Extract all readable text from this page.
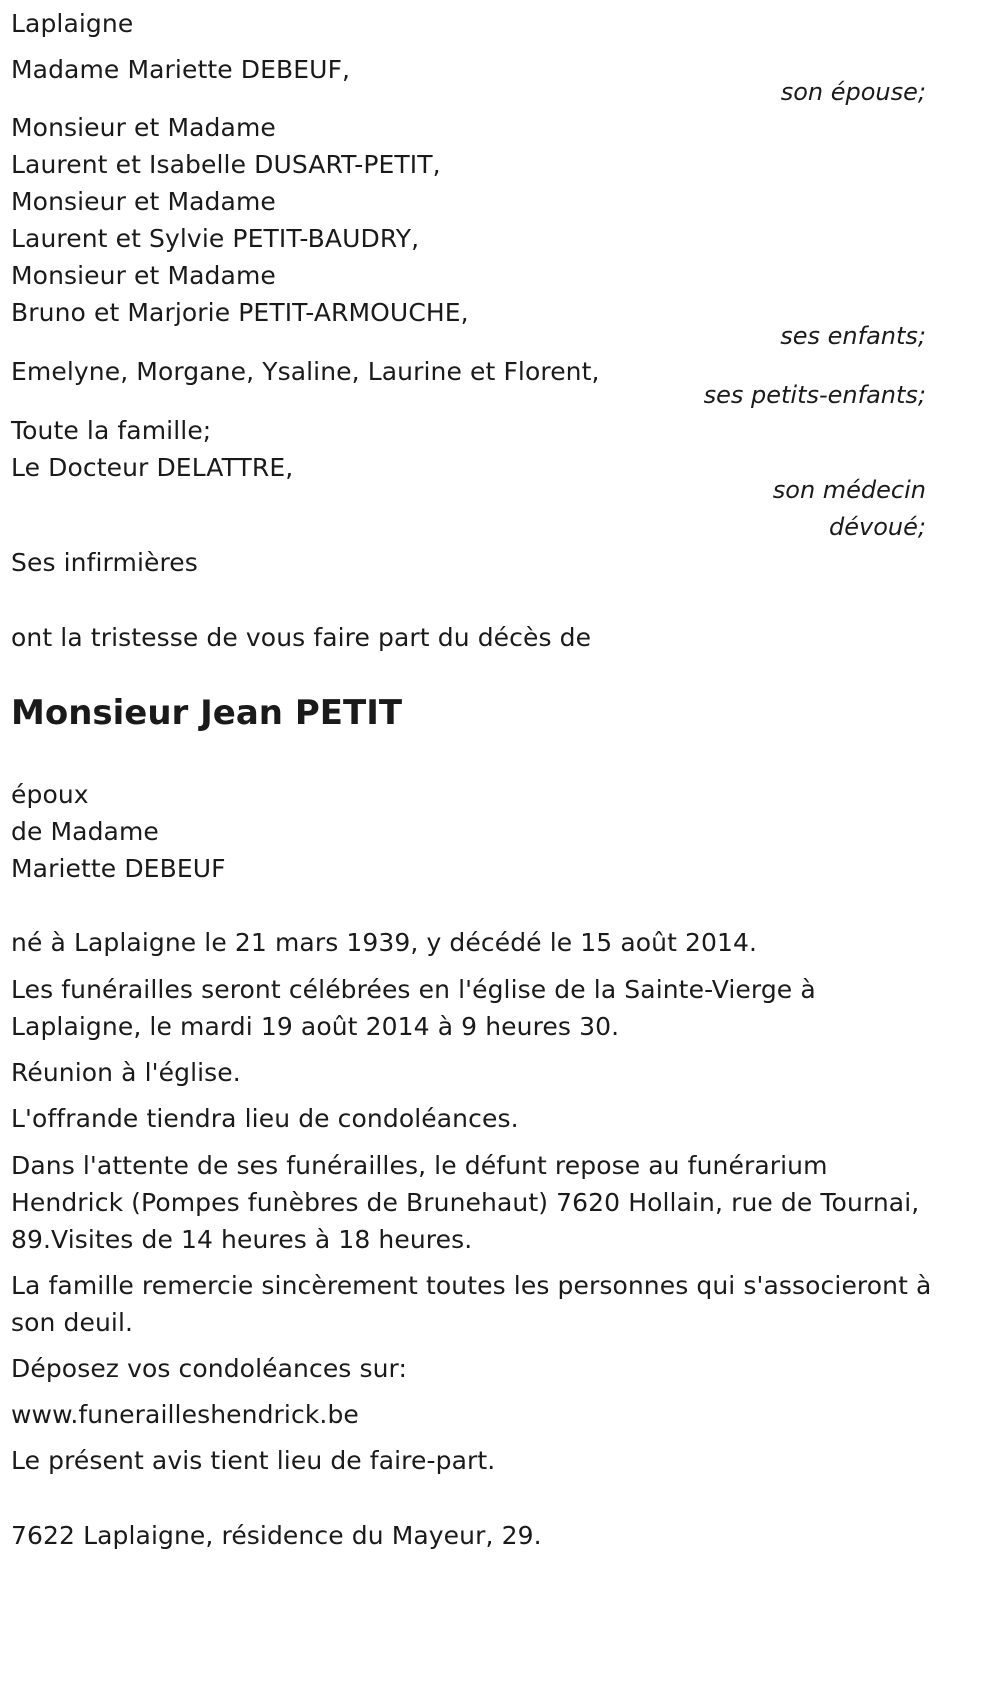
Laplaigne
Madame Mariette DEBEUF,
son épouse;
Monsieur et Madame
Laurent et Isabelle DUSART-PETIT,
Monsieur et Madame
Laurent et Sylvie PETIT-BAUDRY,
Monsieur et Madame
Bruno et Marjorie PETIT-ARMOUCHE,
ses enfants;
Emelyne, Morgane, Ysaline, Laurine et Florent,
ses petits-enfants;
Toute la famille;
Le Docteur DELATTRE,
son médecin
dévoué;
Ses infirmières
ont la tristesse de vous faire part du décès de
Monsieur Jean PETIT
époux
de Madame
Mariette DEBEUF
né à Laplaigne le 21 mars 1939, y décédé le 15 août 2014.
Les funérailles seront célébrées en l'église de la Sainte-Vierge à
Laplaigne, le mardi 19 août 2014 à 9 heures 30.
Réunion à l'église.
L'offrande tiendra lieu de condoléances.
Dans l'attente de ses funérailles, le défunt repose au funérarium
Hendrick (Pompes funèbres de Brunehaut) 7620 Hollain, rue de Tournai,
89.Visites de 14 heures à 18 heures.
La famille remercie sincèrement toutes les personnes qui s'associeront à
son deuil.
Déposez vos condoléances sur:
www.funerailleshendrick.be
Le présent avis tient lieu de faire-part.
7622 Laplaigne, résidence du Mayeur, 29.
